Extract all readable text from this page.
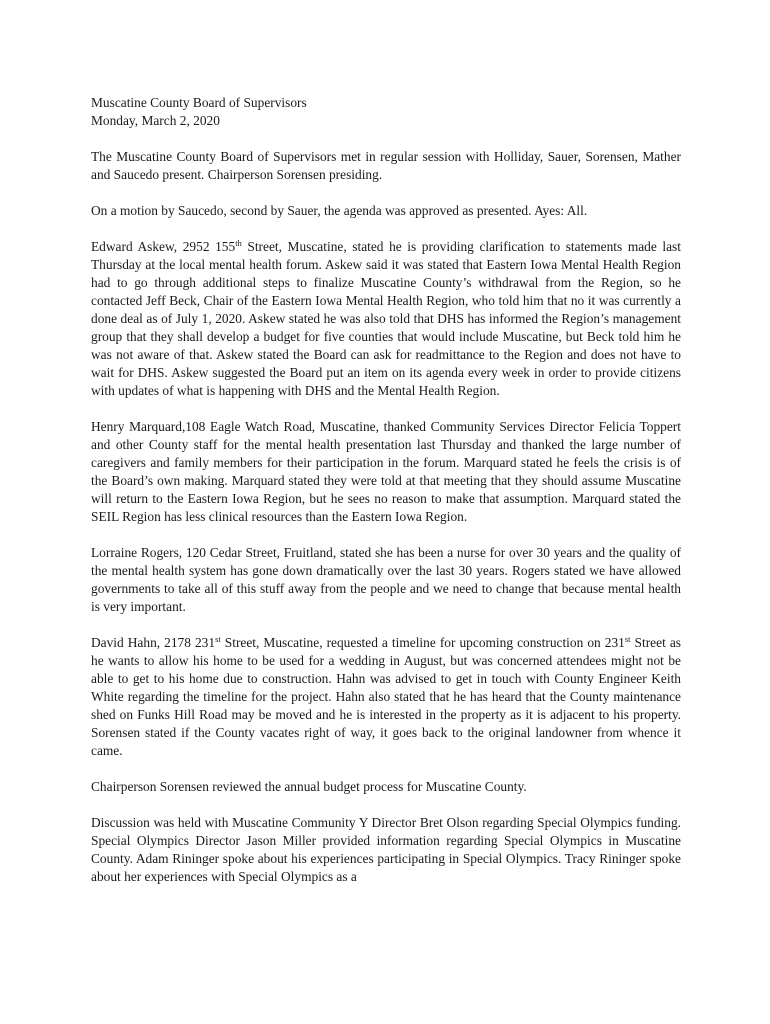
Muscatine County Board of Supervisors
Monday, March 2, 2020

The Muscatine County Board of Supervisors met in regular session with Holliday, Sauer, Sorensen, Mather and Saucedo present. Chairperson Sorensen presiding.

On a motion by Saucedo, second by Sauer, the agenda was approved as presented. Ayes: All.

Edward Askew, 2952 155th Street, Muscatine, stated he is providing clarification to statements made last Thursday at the local mental health forum. Askew said it was stated that Eastern Iowa Mental Health Region had to go through additional steps to finalize Muscatine County’s withdrawal from the Region, so he contacted Jeff Beck, Chair of the Eastern Iowa Mental Health Region, who told him that no it was currently a done deal as of July 1, 2020. Askew stated he was also told that DHS has informed the Region’s management group that they shall develop a budget for five counties that would include Muscatine, but Beck told him he was not aware of that. Askew stated the Board can ask for readmittance to the Region and does not have to wait for DHS. Askew suggested the Board put an item on its agenda every week in order to provide citizens with updates of what is happening with DHS and the Mental Health Region.

Henry Marquard,108 Eagle Watch Road, Muscatine, thanked Community Services Director Felicia Toppert and other County staff for the mental health presentation last Thursday and thanked the large number of caregivers and family members for their participation in the forum. Marquard stated he feels the crisis is of the Board’s own making. Marquard stated they were told at that meeting that they should assume Muscatine will return to the Eastern Iowa Region, but he sees no reason to make that assumption. Marquard stated the SEIL Region has less clinical resources than the Eastern Iowa Region.

Lorraine Rogers, 120 Cedar Street, Fruitland, stated she has been a nurse for over 30 years and the quality of the mental health system has gone down dramatically over the last 30 years. Rogers stated we have allowed governments to take all of this stuff away from the people and we need to change that because mental health is very important.

David Hahn, 2178 231st Street, Muscatine, requested a timeline for upcoming construction on 231st Street as he wants to allow his home to be used for a wedding in August, but was concerned attendees might not be able to get to his home due to construction. Hahn was advised to get in touch with County Engineer Keith White regarding the timeline for the project. Hahn also stated that he has heard that the County maintenance shed on Funks Hill Road may be moved and he is interested in the property as it is adjacent to his property. Sorensen stated if the County vacates right of way, it goes back to the original landowner from whence it came.

Chairperson Sorensen reviewed the annual budget process for Muscatine County.

Discussion was held with Muscatine Community Y Director Bret Olson regarding Special Olympics funding. Special Olympics Director Jason Miller provided information regarding Special Olympics in Muscatine County. Adam Rininger spoke about his experiences participating in Special Olympics. Tracy Rininger spoke about her experiences with Special Olympics as a
